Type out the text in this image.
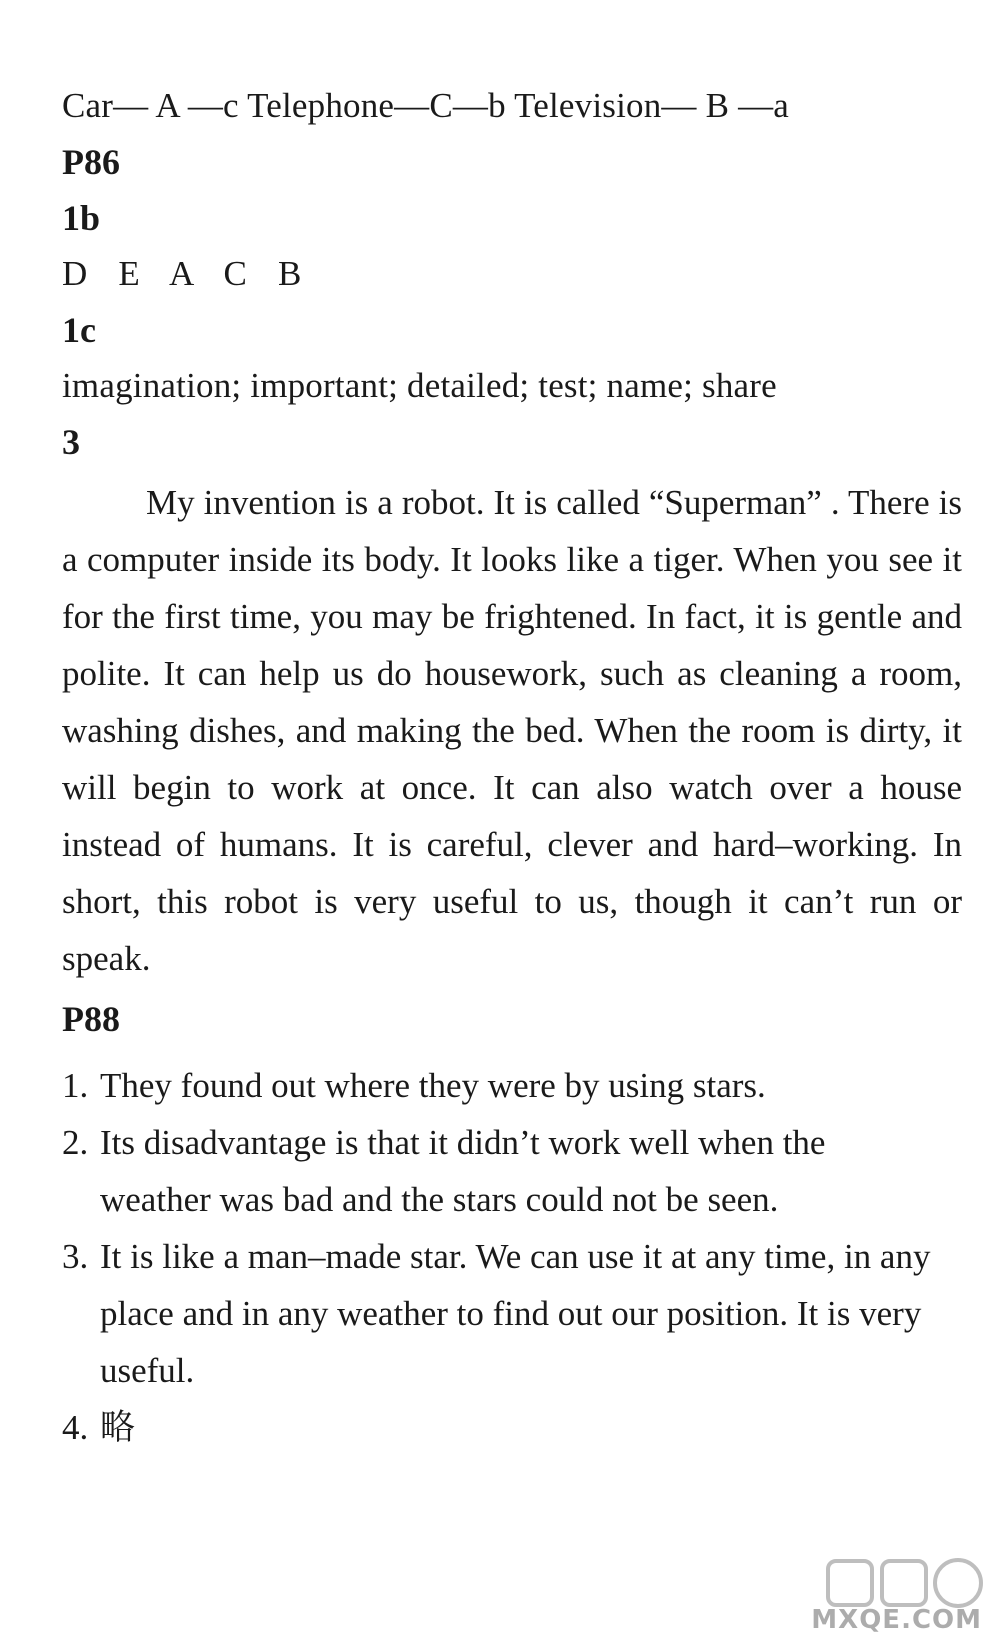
Car— A —c Telephone—C—b Television— B —a
P86
1b
D E A C B
1c
imagination; important; detailed; test; name; share
3

My invention is a robot. It is called “Superman” . There is a computer inside its body. It looks like a tiger. When you see it for the first time, you may be frightened. In fact, it is gentle and polite. It can help us do housework, such as cleaning a room, washing dishes, and making the bed. When the room is dirty, it will begin to work at once. It can also watch over a house instead of humans. It is careful, clever and hard–working. In short, this robot is very useful to us, though it can’t run or speak.

P88
1. They found out where they were by using stars.
2. Its disadvantage is that it didn’t work well when the weather was bad and the stars could not be seen.
3. It is like a man–made star. We can use it at any time, in any place and in any weather to find out our position. It is very useful.
4. 略
MXQE.COM
